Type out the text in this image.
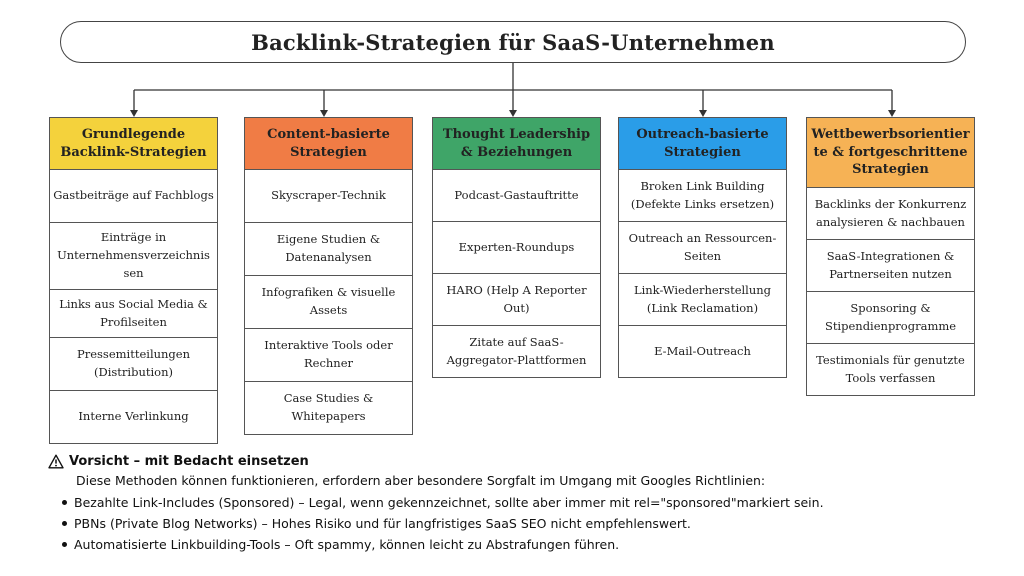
Backlink-Strategien für SaaS-Unternehmen
Grundlegende Backlink-Strategien
Gastbeiträge auf Fachblogs
Einträge in Unternehmensverzeichnis sen
Links aus Social Media & Profilseiten
Pressemitteilungen (Distribution)
Interne Verlinkung
Content-basierte Strategien
Skyscraper-Technik
Eigene Studien & Datenanalysen
Infografiken & visuelle Assets
Interaktive Tools oder Rechner
Case Studies & Whitepapers
Thought Leadership & Beziehungen
Podcast-Gastauftritte
Experten-Roundups
HARO (Help A Reporter Out)
Zitate auf SaaS-Aggregator-Plattformen
Outreach-basierte Strategien
Broken Link Building (Defekte Links ersetzen)
Outreach an Ressourcen-Seiten
Link-Wiederherstellung (Link Reclamation)
E-Mail-Outreach
Wettbewerbsorientier te & fortgeschrittene Strategien
Backlinks der Konkurrenz analysieren & nachbauen
SaaS-Integrationen & Partnerseiten nutzen
Sponsoring & Stipendienprogramme
Testimonials für genutzte Tools verfassen
Vorsicht – mit Bedacht einsetzen
Diese Methoden können funktionieren, erfordern aber besondere Sorgfalt im Umgang mit Googles Richtlinien:
Bezahlte Link-Includes (Sponsored) – Legal, wenn gekennzeichnet, sollte aber immer mit rel="sponsored"markiert sein.
PBNs (Private Blog Networks) – Hohes Risiko und für langfristiges SaaS SEO nicht empfehlenswert.
Automatisierte Linkbuilding-Tools – Oft spammy, können leicht zu Abstrafungen führen.
